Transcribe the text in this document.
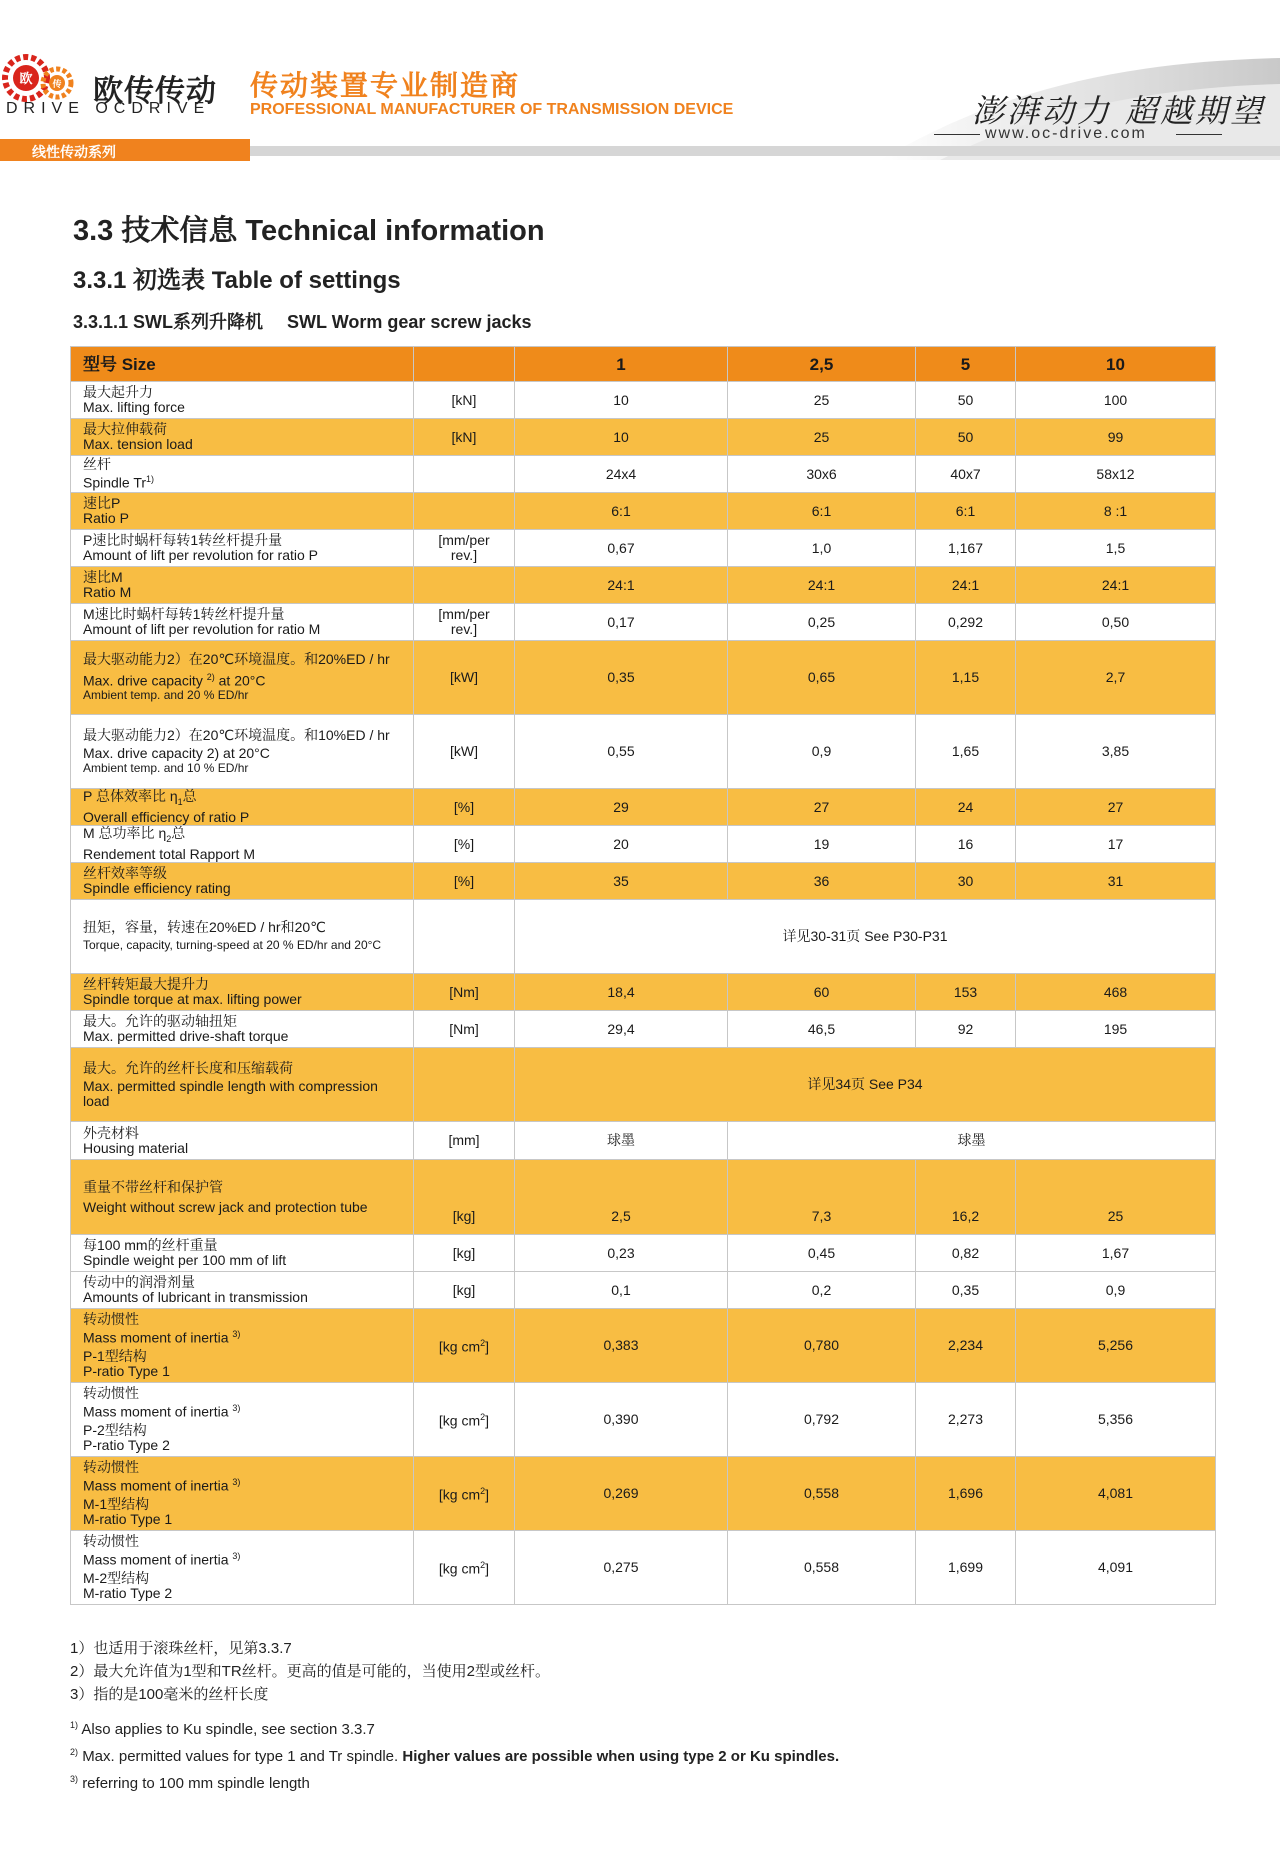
欧 传 欧传传动
DRIVE OCDRIVE
传动装置专业制造商
PROFESSIONAL MANUFACTURER OF TRANSMISSION DEVICE	澎湃动力 超越期望
www.oc-drive.com
线性传动系列
3.3 技术信息 Technical information
3.3.1 初选表 Table of settings
3.3.1.1 SWL系列升降机 SWL Worm gear screw jacks
型号 Size		1	2,5	5	10

最大起升力
Max. lifting force	[kN]	10	25	50	100

最大拉伸载荷
Max. tension load	[kN]	10	25	50	99

丝杆
Spindle Tr$^{1)}$		24x4	30x6	40x7	58x12

速比P
Ratio P		6:1	6:1	6:1	8 :1

P速比时蜗杆每转1转丝杆提升量
Amount of lift per revolution for ratio P	[mm/per rev.]	0,67	1,0	1,167	1,5

速比M
Ratio M		24:1	24:1	24:1	24:1

M速比时蜗杆每转1转丝杆提升量
Amount of lift per revolution for ratio M	[mm/per rev.]	0,17	0,25	0,292	0,50

最大驱动能力2）在20℃环境温度。和20%ED / hr
Max. drive capacity $^{2)}$ at 20°C
Ambient temp. and 20 % ED/hr	[kW]	0,35	0,65	1,15	2,7

最大驱动能力2）在20℃环境温度。和10%ED / hr
Max. drive capacity 2) at 20°C
Ambient temp. and 10 % ED/hr	[kW]	0,55	0,9	1,65	3,85

P 总体效率比 $\eta_1$总
Overall efficiency of ratio P	[%]	29	27	24	27

M 总功率比 $\eta_2$总
Rendement total Rapport M	[%]	20	19	16	17

丝杆效率等级
Spindle efficiency rating	[%]	35	36	30	31

扭矩，容量，转速在20%ED / hr和20℃
Torque, capacity, turning-speed at 20 % ED/hr and 20°C		详见30-31页 See P30-P31			

丝杆转矩最大提升力
Spindle torque at max. lifting power	[Nm]	18,4	60	153	468

最大。允许的驱动轴扭矩
Max. permitted drive-shaft torque	[Nm]	29,4	46,5	92	195

最大。允许的丝杆长度和压缩载荷
Max. permitted spindle length with compression load		详见34页 See P34			

外壳材料
Housing material	[mm]	球墨	球墨		

重量不带丝杆和保护管
Weight without screw jack and protection tube	[kg]	2,5	7,3	16,2	25

每100 mm的丝杆重量
Spindle weight per 100 mm of lift	[kg]	0,23	0,45	0,82	1,67

传动中的润滑剂量
Amounts of lubricant in transmission	[kg]	0,1	0,2	0,35	0,9

转动惯性
Mass moment of inertia $^{3)}$
P-1型结构
P-ratio Type 1	[kg $cm^2$]	0,383	0,780	2,234	5,256

转动惯性
Mass moment of inertia $^{3)}$
P-2型结构
P-ratio Type 2	[kg $cm^2$]	0,390	0,792	2,273	5,356

转动惯性
Mass moment of inertia $^{3)}$
M-1型结构
M-ratio Type 1	[kg $cm^2$]	0,269	0,558	1,696	4,081

转动惯性
Mass moment of inertia $^{3)}$
M-2型结构
M-ratio Type 2	[kg $cm^2$]	0,275	0,558	1,699	4,091

1）也适用于滚珠丝杆，见第3.3.7

2）最大允许值为1型和TR丝杆。更高的值是可能的，当使用2型或丝杆。

3）指的是100毫米的丝杆长度

$^{1)}$ Also applies to Ku spindle, see section 3.3.7

$^{2)}$ Max. permitted values for type 1 and Tr spindle. Higher values are possible when using type 2 or Ku spindles.

$^{3)}$ referring to 100 mm spindle length
